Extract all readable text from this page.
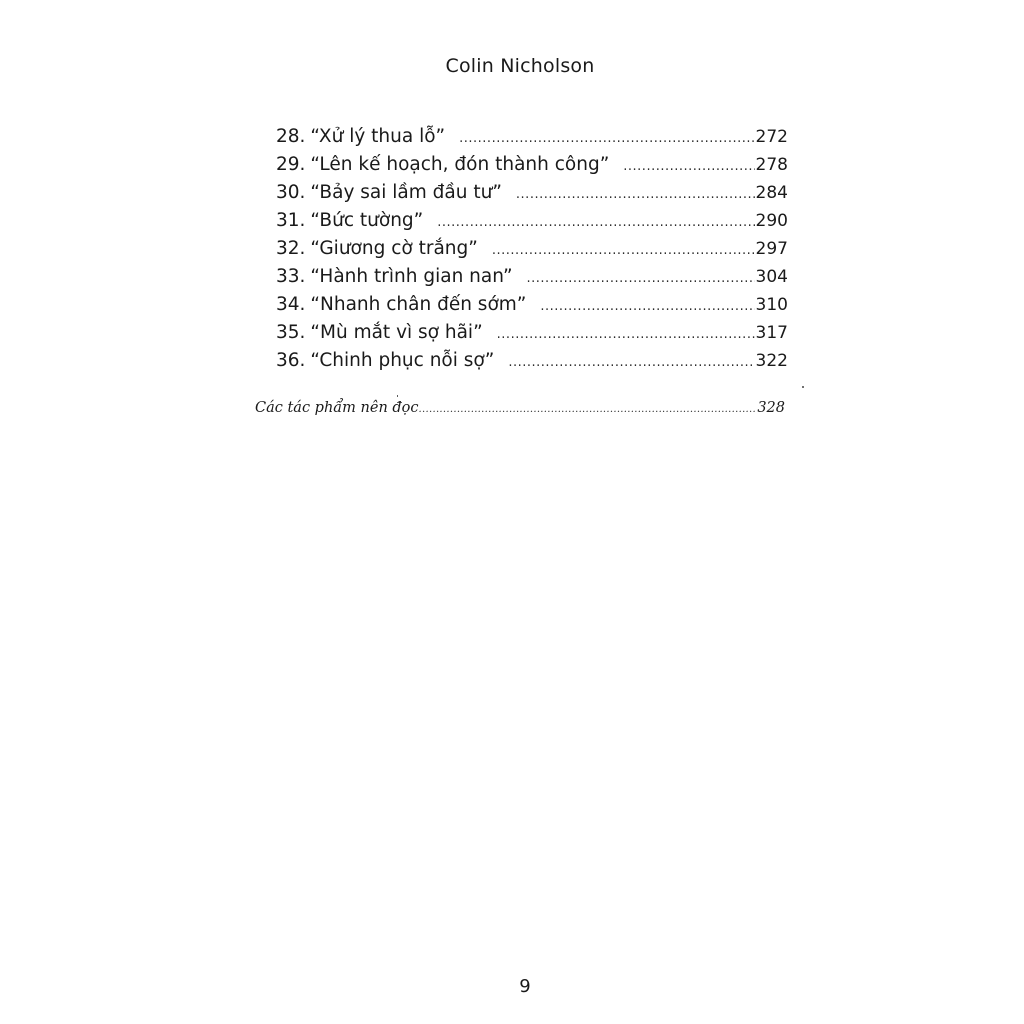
Colin Nicholson
28. “Xử lý thua lỗ” .....	272
29. “Lên kế hoạch, đón thành công” .....	278
30. “Bảy sai lầm đầu tư” .....	284
31. “Bức tường” .....	290
32. “Giương cờ trắng” .....	297
33. “Hành trình gian nan” .....	304
34. “Nhanh chân đến sớm” .....	310
35. “Mù mắt vì sợ hãi” .....	317
36. “Chinh phục nỗi sợ” .....	322
Các tác phẩm nên đọc .....	328
9
